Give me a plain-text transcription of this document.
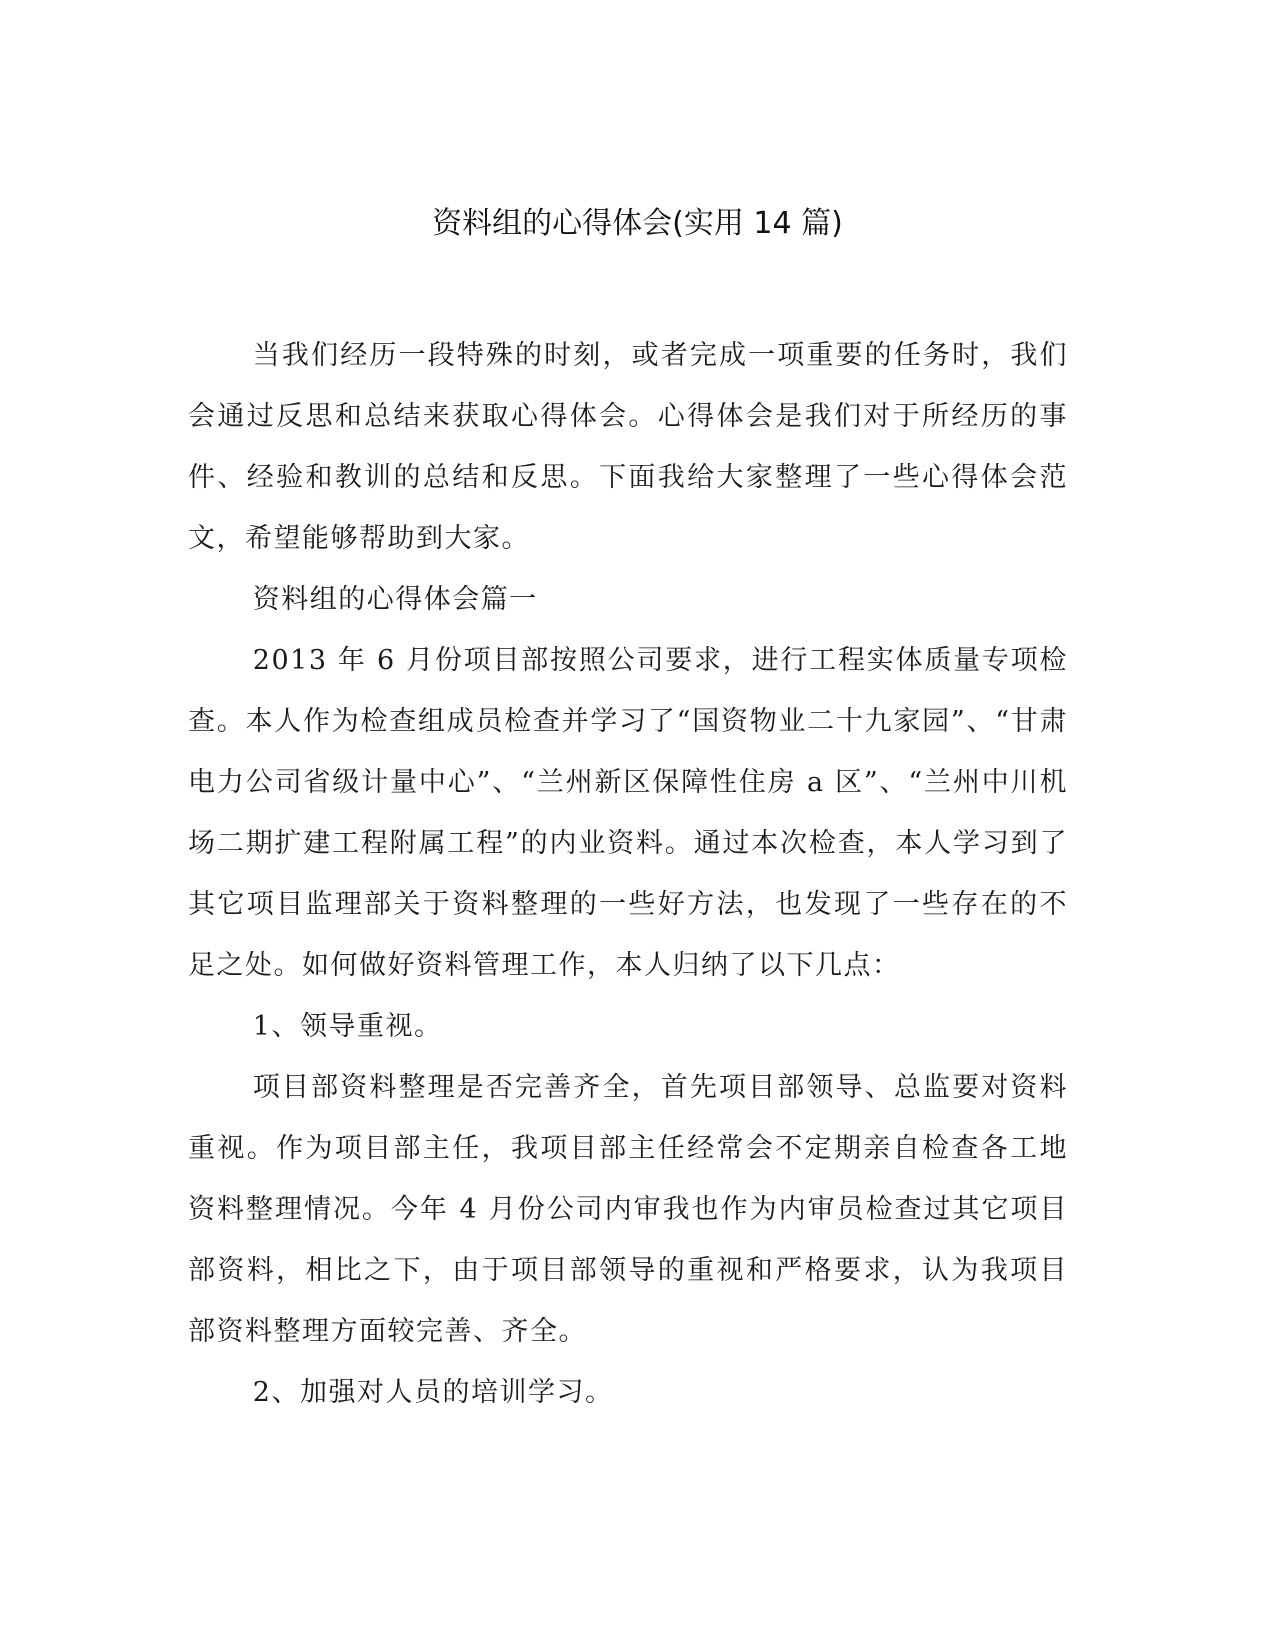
资料组的心得体会(实用 14 篇)

当我们经历一段特殊的时刻，或者完成一项重要的任务时，我们会通过反思和总结来获取心得体会。心得体会是我们对于所经历的事件、经验和教训的总结和反思。下面我给大家整理了一些心得体会范文，希望能够帮助到大家。

资料组的心得体会篇一

2013 年 6 月份项目部按照公司要求，进行工程实体质量专项检查。本人作为检查组成员检查并学习了“国资物业二十九家园”、“甘肃电力公司省级计量中心”、“兰州新区保障性住房 a 区”、“兰州中川机场二期扩建工程附属工程”的内业资料。通过本次检查，本人学习到了其它项目监理部关于资料整理的一些好方法，也发现了一些存在的不足之处。如何做好资料管理工作，本人归纳了以下几点：

1、领导重视。

项目部资料整理是否完善齐全，首先项目部领导、总监要对资料重视。作为项目部主任，我项目部主任经常会不定期亲自检查各工地资料整理情况。今年 4 月份公司内审我也作为内审员检查过其它项目部资料，相比之下，由于项目部领导的重视和严格要求，认为我项目部资料整理方面较完善、齐全。

2、加强对人员的培训学习。
